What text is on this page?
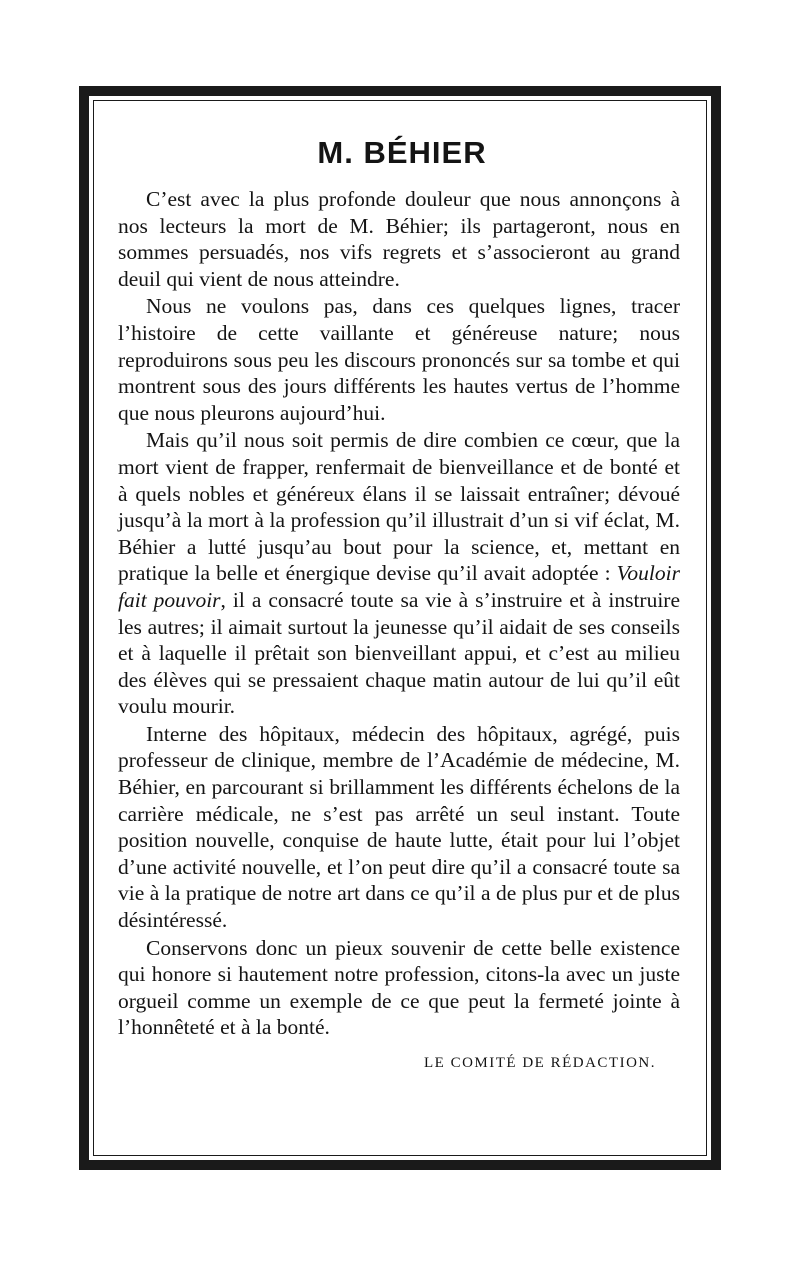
M. BÉHIER

C’est avec la plus profonde douleur que nous annonçons à nos lecteurs la mort de M. Béhier; ils partageront, nous en sommes persuadés, nos vifs regrets et s’associeront au grand deuil qui vient de nous atteindre.

Nous ne voulons pas, dans ces quelques lignes, tracer l’histoire de cette vaillante et généreuse nature; nous reproduirons sous peu les discours prononcés sur sa tombe et qui montrent sous des jours différents les hautes vertus de l’homme que nous pleurons aujourd’hui.

Mais qu’il nous soit permis de dire combien ce cœur, que la mort vient de frapper, renfermait de bienveillance et de bonté et à quels nobles et généreux élans il se laissait entraîner; dévoué jusqu’à la mort à la profession qu’il illustrait d’un si vif éclat, M. Béhier a lutté jusqu’au bout pour la science, et, mettant en pratique la belle et énergique devise qu’il avait adoptée : Vouloir fait pouvoir, il a consacré toute sa vie à s’instruire et à instruire les autres; il aimait surtout la jeunesse qu’il aidait de ses conseils et à laquelle il prêtait son bienveillant appui, et c’est au milieu des élèves qui se pressaient chaque matin autour de lui qu’il eût voulu mourir.

Interne des hôpitaux, médecin des hôpitaux, agrégé, puis professeur de clinique, membre de l’Académie de médecine, M. Béhier, en parcourant si brillamment les différents échelons de la carrière médicale, ne s’est pas arrêté un seul instant. Toute position nouvelle, conquise de haute lutte, était pour lui l’objet d’une activité nouvelle, et l’on peut dire qu’il a consacré toute sa vie à la pratique de notre art dans ce qu’il a de plus pur et de plus désintéressé.

Conservons donc un pieux souvenir de cette belle existence qui honore si hautement notre profession, citons-la avec un juste orgueil comme un exemple de ce que peut la fermeté jointe à l’honnêteté et à la bonté.

LE COMITÉ DE RÉDACTION.
